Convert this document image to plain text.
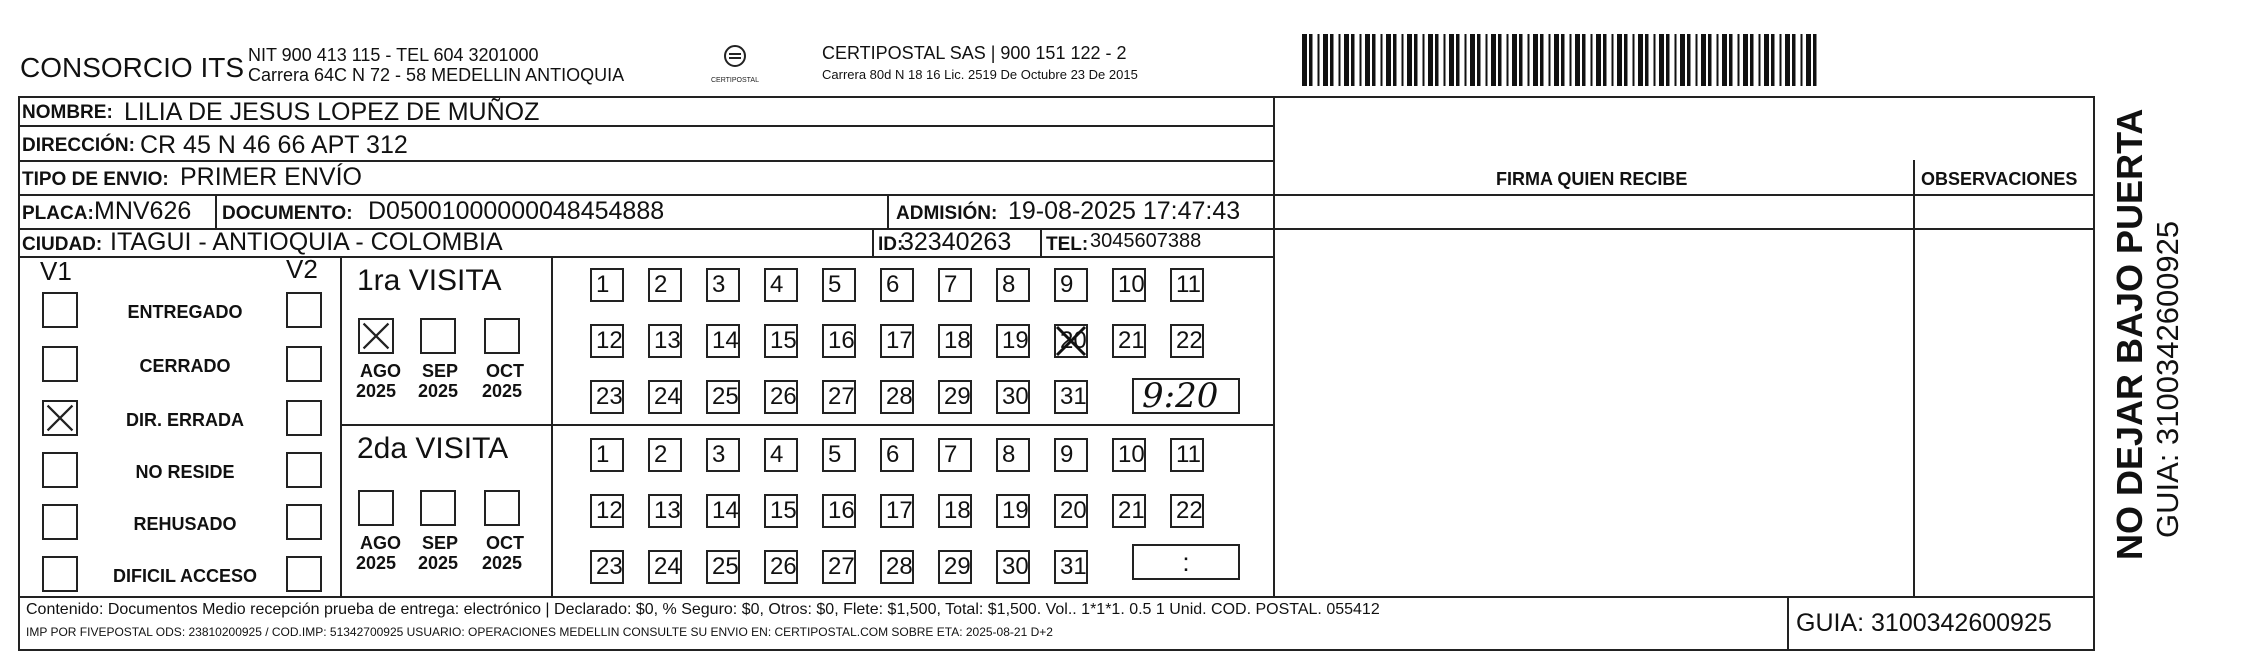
CONSORCIO ITS NIT 900 413 115 - TEL 604 3201000
Carrera 64C N 72 - 58 MEDELLIN ANTIOQUIA	CERTIPOSTAL
CERTIPOSTAL SAS | 900 151 122 - 2
Carrera 80d N 18 16 Lic. 2519 De Octubre 23 De 2015
NOMBRE: LILIA DE JESUS LOPEZ DE MUÑOZ
DIRECCIÓN: CR 45 N 46 66 APT 312
TIPO DE ENVIO: PRIMER ENVÍO	FIRMA QUIEN RECIBE	OBSERVACIONES
PLACA: MNV626 DOCUMENTO: D05001000000048454888	ADMISIÓN: 19-08-2025 17:47:43
CIUDAD: ITAGUI - ANTIOQUIA - COLOMBIA	ID:
32340263 TEL: 3045607388
V1	V2
ENTREGADO
CERRADO
DIR. ERRADA
NO RESIDE
REHUSADO
DIFICIL ACCESO
1ra VISITA
2da VISITA
AGO
2025
SEP
2025
OCT
2025
AGO
2025
SEP
2025
OCT
2025
1	2	3	4	5	6	7	8	9	10 11
12 13 14 15 16 17 18 19 20 21 22
23 24 25 26 27 28 29 30 31
1	2	3	4	5	6	7	8	9	10 11
12 13 14 15 16 17 18 19 20 21 22
23 24 25 26 27 28 29 30 31
9:20
:
Contenido: Documentos Medio recepción prueba de entrega: electrónico | Declarado: $0, % Seguro: $0, Otros: $0, Flete: $1,500, Total: $1,500. Vol.. 1*1*1. 0.5 1 Unid. COD. POSTAL. 055412
IMP POR FIVEPOSTAL ODS: 23810200925 / COD.IMP: 51342700925 USUARIO: OPERACIONES MEDELLIN CONSULTE SU ENVIO EN: CERTIPOSTAL.COM SOBRE ETA: 2025-08-21 D+2	GUIA: 3100342600925
NO DEJAR BAJO PUERTA GUIA: 3100342600925
